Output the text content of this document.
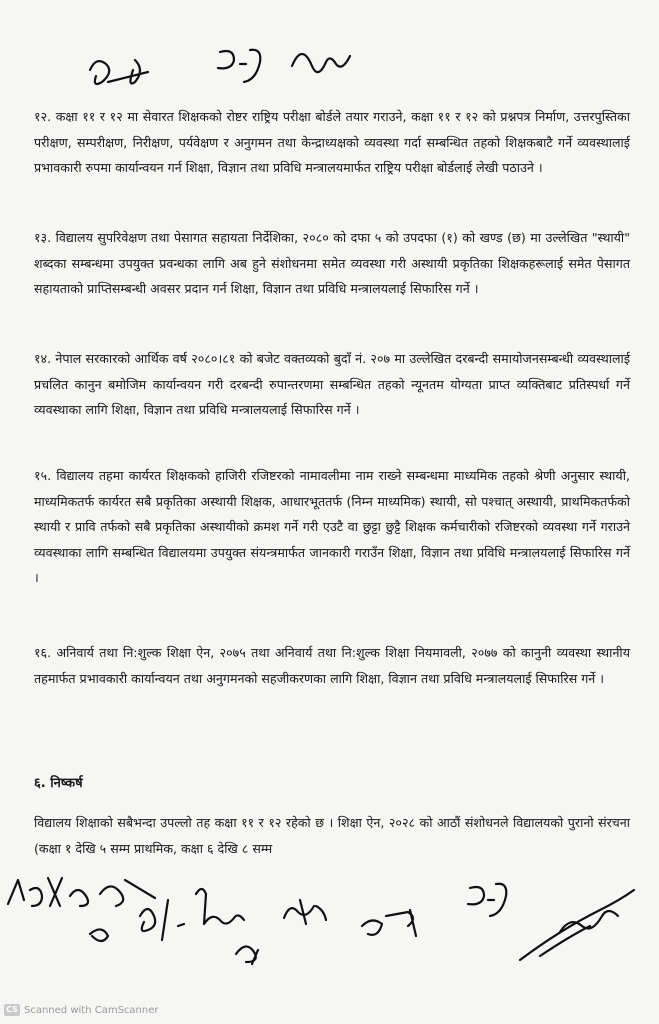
१२. कक्षा ११ र १२ मा सेवारत शिक्षकको रोष्टर राष्ट्रिय परीक्षा बोर्डले तयार गराउने, कक्षा ११ र १२ को प्रश्नपत्र निर्माण, उत्तरपुस्तिका परीक्षण, सम्परीक्षण, निरीक्षण, पर्यवेक्षण र अनुगमन तथा केन्द्राध्यक्षको व्यवस्था गर्दा सम्बन्धित तहको शिक्षकबाटै गर्ने व्यवस्थालाई प्रभावकारी रुपमा कार्यान्वयन गर्न शिक्षा, विज्ञान तथा प्रविधि मन्त्रालयमार्फत राष्ट्रिय परीक्षा बोर्डलाई लेखी पठाउने ।

१३. विद्यालय सुपरिवेक्षण तथा पेसागत सहायता निर्देशिका, २०८० को दफा ५ को उपदफा (१) को खण्ड (छ) मा उल्लेखित "स्थायी" शब्दका सम्बन्धमा उपयुक्त प्रवन्धका लागि अब हुने संशोधनमा समेत व्यवस्था गरी अस्थायी प्रकृतिका शिक्षकहरूलाई समेत पेसागत सहायताको प्राप्तिसम्बन्धी अवसर प्रदान गर्न शिक्षा, विज्ञान तथा प्रविधि मन्त्रालयलाई सिफारिस गर्ने ।

१४. नेपाल सरकारको आर्थिक वर्ष २०८०।८१ को बजेट वक्तव्यको बुदाँ नं. २०७ मा उल्लेखित दरबन्दी समायोजनसम्बन्धी व्यवस्थालाई प्रचलित कानुन बमोजिम कार्यान्वयन गरी दरबन्दी रुपान्तरणमा सम्बन्धित तहको न्यूनतम योग्यता प्राप्त व्यक्तिबाट प्रतिस्पर्धा गर्ने व्यवस्थाका लागि शिक्षा, विज्ञान तथा प्रविधि मन्त्रालयलाई सिफारिस गर्ने ।

१५. विद्यालय तहमा कार्यरत शिक्षकको हाजिरी रजिष्टरको नामावलीमा नाम राख्ने सम्बन्धमा माध्यमिक तहको श्रेणी अनुसार स्थायी, माध्यमिकतर्फ कार्यरत सबै प्रकृतिका अस्थायी शिक्षक, आधारभूततर्फ (निम्न माध्यमिक) स्थायी, सो पश्चात् अस्थायी, प्राथमिकतर्फको स्थायी र प्रावि तर्फको सबै प्रकृतिका अस्थायीको क्रमश गर्ने गरी एउटै वा छुट्टा छुट्टै शिक्षक कर्मचारीको रजिष्टरको व्यवस्था गर्ने गराउने व्यवस्थाका लागि सम्बन्धित विद्यालयमा उपयुक्त संयन्त्रमार्फत जानकारी गराउँन शिक्षा, विज्ञान तथा प्रविधि मन्त्रालयलाई सिफारिस गर्ने ।

१६. अनिवार्य तथा नि:शुल्क शिक्षा ऐन, २०७५ तथा अनिवार्य तथा नि:शुल्क शिक्षा नियमावली, २०७७ को कानुनी व्यवस्था स्थानीय तहमार्फत प्रभावकारी कार्यान्वयन तथा अनुगमनको सहजीकरणका लागि शिक्षा, विज्ञान तथा प्रविधि मन्त्रालयलाई सिफारिस गर्ने ।

६. निष्कर्ष

विद्यालय शिक्षाको सबैभन्दा उपल्लो तह कक्षा ११ र १२ रहेको छ । शिक्षा ऐन, २०२८ को आठौं संशोधनले विद्यालयको पुरानो संरचना (कक्षा १ देखि ५ सम्म प्राथमिक, कक्षा ६ देखि ८ सम्म

CS Scanned with CamScanner
